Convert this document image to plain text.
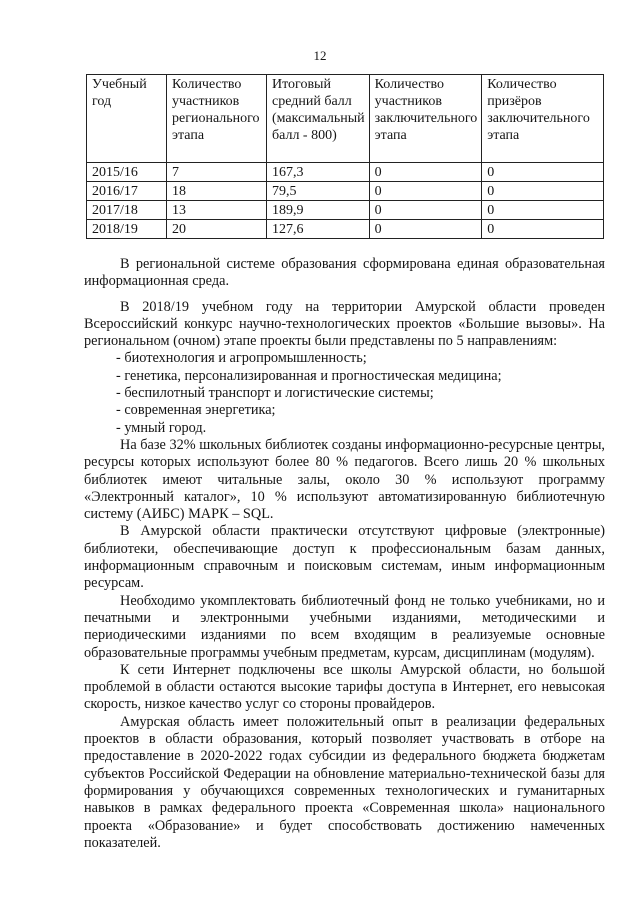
12
Учебный год	Количество участников регионального этапа	Итоговый средний балл (максимальный балл - 800)	Количество участников заключительного этапа	Количество призёров заключительного этапа
2015/16	7	167,3	0	0
2016/17	18	79,5	0	0
2017/18	13	189,9	0	0
2018/19	20	127,6	0	0

В региональной системе образования сформирована единая образовательная информационная среда.

В 2018/19 учебном году на территории Амурской области проведен Всероссийский конкурс научно-технологических проектов «Большие вызовы». На региональном (очном) этапе проекты были представлены по 5 направлениям:

- биотехнология и агропромышленность;

- генетика, персонализированная и прогностическая медицина;

- беспилотный транспорт и логистические системы;

- современная энергетика;

- умный город.

На базе 32% школьных библиотек созданы информационно-ресурсные центры, ресурсы которых используют более 80 % педагогов. Всего лишь 20 % школьных библиотек имеют читальные залы, около 30 % используют программу «Электронный каталог», 10 % используют автоматизированную библиотечную систему (АИБС) МАРК – SQL.

В Амурской области практически отсутствуют цифровые (электронные) библиотеки, обеспечивающие доступ к профессиональным базам данных, информационным справочным и поисковым системам, иным информационным ресурсам.

Необходимо укомплектовать библиотечный фонд не только учебниками, но и печатными и электронными учебными изданиями, методическими и периодическими изданиями по всем входящим в реализуемые основные образовательные программы учебным предметам, курсам, дисциплинам (модулям).

К сети Интернет подключены все школы Амурской области, но большой проблемой в области остаются высокие тарифы доступа в Интернет, его невысокая скорость, низкое качество услуг со стороны провайдеров.

Амурская область имеет положительный опыт в реализации федеральных проектов в области образования, который позволяет участвовать в отборе на предоставление в 2020-2022 годах субсидии из федерального бюджета бюджетам субъектов Российской Федерации на обновление материально-технической базы для формирования у обучающихся современных технологических и гуманитарных навыков в рамках федерального проекта «Современная школа» национального проекта «Образование» и будет способствовать достижению намеченных показателей.
